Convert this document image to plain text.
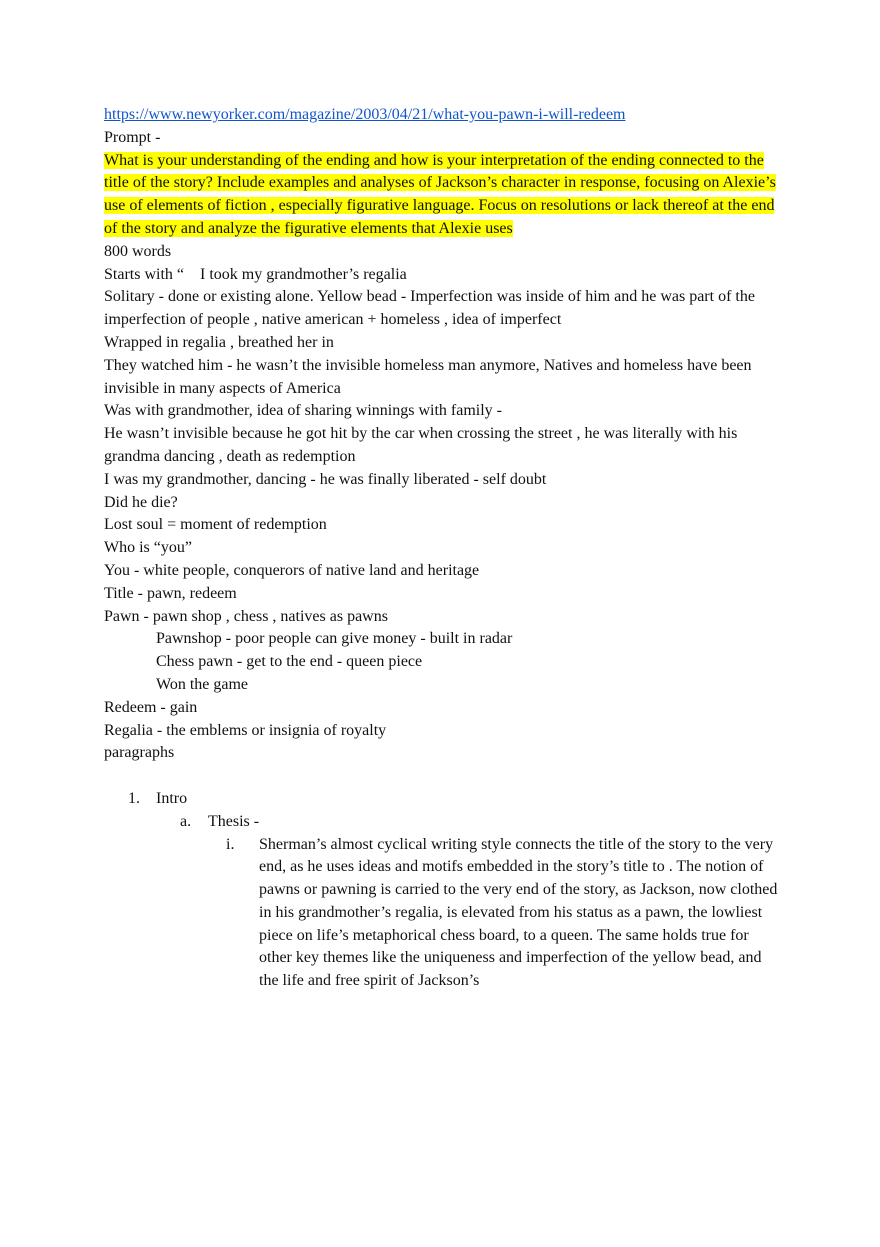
https://www.newyorker.com/magazine/2003/04/21/what-you-pawn-i-will-redeem
Prompt -
What is your understanding of the ending and how is your interpretation of the ending connected to the title of the story? Include examples and analyses of Jackson’s character in response, focusing on Alexie’s use of elements of fiction , especially figurative language. Focus on resolutions or lack thereof at the end of the story and analyze the figurative elements that Alexie uses
800 words
Starts with “    I took my grandmother’s regalia
Solitary - done or existing alone. Yellow bead - Imperfection was inside of him and he was part of the imperfection of people , native american + homeless , idea of imperfect
Wrapped in regalia , breathed her in
They watched him - he wasn’t the invisible homeless man anymore, Natives and homeless have been invisible in many aspects of America
Was with grandmother, idea of sharing winnings with family -
He wasn’t invisible because he got hit by the car when crossing the street , he was literally with his grandma dancing , death as redemption
I was my grandmother, dancing - he was finally liberated - self doubt
Did he die?
Lost soul = moment of redemption
Who is “you”
You - white people, conquerors of native land and heritage
Title - pawn, redeem
Pawn - pawn shop , chess , natives as pawns
Pawnshop - poor people can give money - built in radar
Chess pawn - get to the end - queen piece
Won the game
Redeem - gain
Regalia - the emblems or insignia of royalty
paragraphs
1. Intro
a. Thesis -
i. Sherman’s almost cyclical writing style connects the title of the story to the very end, as he uses ideas and motifs embedded in the story’s title to . The notion of pawns or pawning is carried to the very end of the story, as Jackson, now clothed in his grandmother’s regalia, is elevated from his status as a pawn, the lowliest piece on life’s metaphorical chess board, to a queen. The same holds true for other key themes like the uniqueness and imperfection of the yellow bead, and the life and free spirit of Jackson’s
